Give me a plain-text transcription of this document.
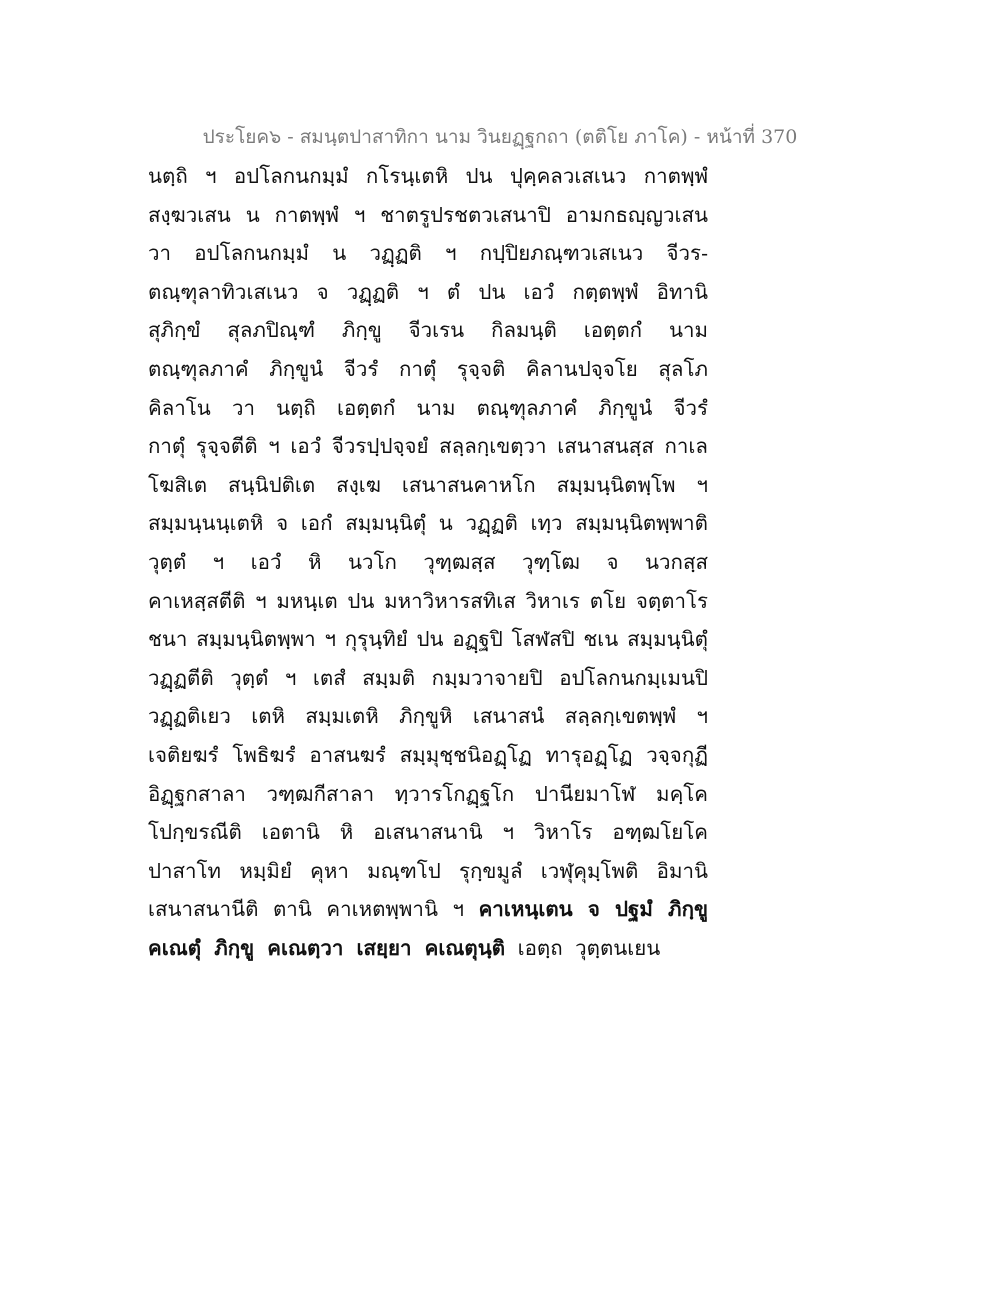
ประโยค๖ - สมนฺตปาสาทิกา นาม วินยฏฺฐกถา (ตติโย ภาโค) - หน้าที่ 370
นตฺถิ ฯ อปโลกนกมฺมํ กโรนฺเตหิ ปน ปุคฺคลวเสเนว กาตพฺพํ
สงฺฆวเสน น กาตพฺพํ ฯ ชาตรูปรชตวเสนาปิ อามกธญฺญวเสน
วา อปโลกนกมฺมํ น วฏฺฏติ ฯ กปฺปิยภณฺฑวเสเนว จีวร-
ตณฺฑุลาทิวเสเนว จ วฏฺฏติ ฯ ตํ ปน เอวํ กตฺตพฺพํ อิทานิ
สุภิกฺขํ สุลภปิณฺฑํ ภิกฺขู จีวเรน กิลมนฺติ เอตฺตกํ นาม
ตณฺฑุลภาคํ ภิกฺขูนํ จีวรํ กาตุํ รุจฺจติ คิลานปจฺจโย สุลโภ
คิลาโน วา นตฺถิ เอตฺตกํ นาม ตณฺฑุลภาคํ ภิกฺขูนํ จีวรํ
กาตุํ รุจฺจตีติ ฯ เอวํ จีวรปฺปจฺจยํ สลฺลกฺเขตฺวา เสนาสนสฺส กาเล
โฆสิเต สนฺนิปติเต สงฺเฆ เสนาสนคาหโก สมฺมนฺนิตพฺโพ ฯ
สมฺมนฺนนฺเตหิ จ เอกํ สมฺมนฺนิตุํ น วฏฺฏติ เทฺว สมฺมนฺนิตพฺพาติ
วุตฺตํ ฯ เอวํ หิ นวโก วุฑฺฒสฺส วุฑฺโฒ จ นวกสฺส
คาเหสฺสตีติ ฯ มหนฺเต ปน มหาวิหารสทิเส วิหาเร ตโย จตฺตาโร
ชนา สมฺมนฺนิตพฺพา ฯ กุรุนฺทิยํ ปน อฏฺฐปิ โสฬสปิ ชเน สมฺมนฺนิตุํ
วฏฺฏตีติ วุตฺตํ ฯ เตสํ สมฺมติ กมฺมวาจายปิ อปโลกนกมฺเมนปิ
วฏฺฏติเยว เตหิ สมฺมเตหิ ภิกฺขูหิ เสนาสนํ สลฺลกฺเขตพฺพํ ฯ
เจติยฆรํ โพธิฆรํ อาสนฆรํ สมฺมุชฺชนิอฏฺโฏ ทารุอฏฺโฏ วจฺจกุฏี
อิฏฺฐกสาลา วฑฺฒกีสาลา ทฺวารโกฏฺฐโก ปานียมาโฬ มคฺโค
โปกฺขรณีติ เอตานิ หิ อเสนาสนานิ ฯ วิหาโร อฑฺฒโยโค
ปาสาโท หมฺมิยํ คุหา มณฺฑโป รุกฺขมูลํ เวฬุคุมฺโพติ อิมานิ
เสนาสนานีติ ตานิ คาเหตพฺพานิ ฯ คาเหนฺเตน จ ปฐมํ ภิกฺขู
คเณตุํ ภิกฺขู คเณตฺวา เสยฺยา คเณตุนฺติ เอตฺถ วุตฺตนเยน
